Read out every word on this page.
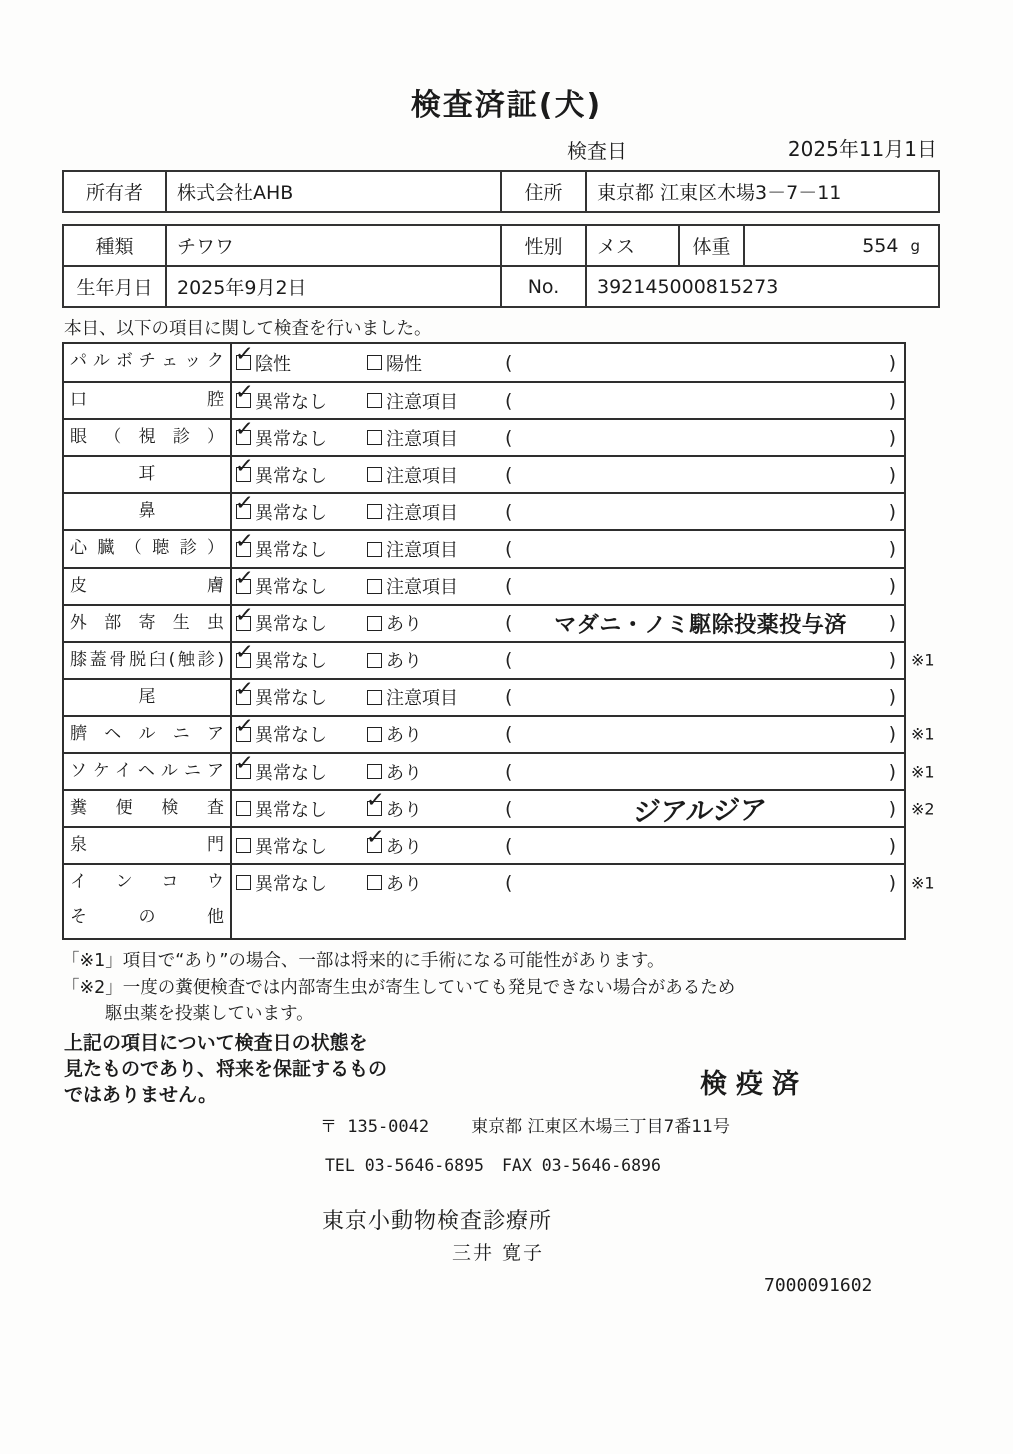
検査済証(犬)
検査日	2025年11月1日
所有者	株式会社AHB	住所	東京都 江東区木場3－7－11
種類	チワワ	性別	メス	体重	554 g
生年月日	2025年9月2日	No.	392145000815273
本日、以下の項目に関して検査を行いました。
パルボチェック ✓ 陰性	陽性	(	)
口腔 ✓ 異常なし	注意項目 (	)
眼（視診） ✓ 異常なし	注意項目 (	)
耳	✓ 異常なし	注意項目 (	)
鼻	✓ 異常なし	注意項目 (	)
心臓（聴診） ✓ 異常なし	注意項目 (	)
皮膚 ✓ 異常なし	注意項目 (	)
外部寄生虫 ✓ 異常なし	あり	(	マダニ・ノミ駆除投薬投与済	)
膝蓋骨脱臼(触診) ✓ 異常なし	あり	(	) ※1
尾	✓ 異常なし	注意項目 (	)
臍ヘルニア ✓ 異常なし	あり	(	) ※1
ソケイヘルニア ✓ 異常なし	あり	(	) ※1
糞便検査	異常なし ✓ あり	(	ジアルジア	) ※2
泉門	異常なし ✓ あり	(	)
インコウ	異常なし	あり	(	) ※1
その他
「※1」項目で“あり”の場合、一部は将来的に手術になる可能性があります。
「※2」一度の糞便検査では内部寄生虫が寄生していても発見できない場合があるため
駆虫薬を投薬しています。
上記の項目について検査日の状態を
見たものであり、将来を保証するもの
ではありません。	検疫済
〒 135-0042 東京都 江東区木場三丁目7番11号
TEL 03-5646-6895 FAX 03-5646-6896
東京小動物検査診療所
三井 寛子
7000091602
